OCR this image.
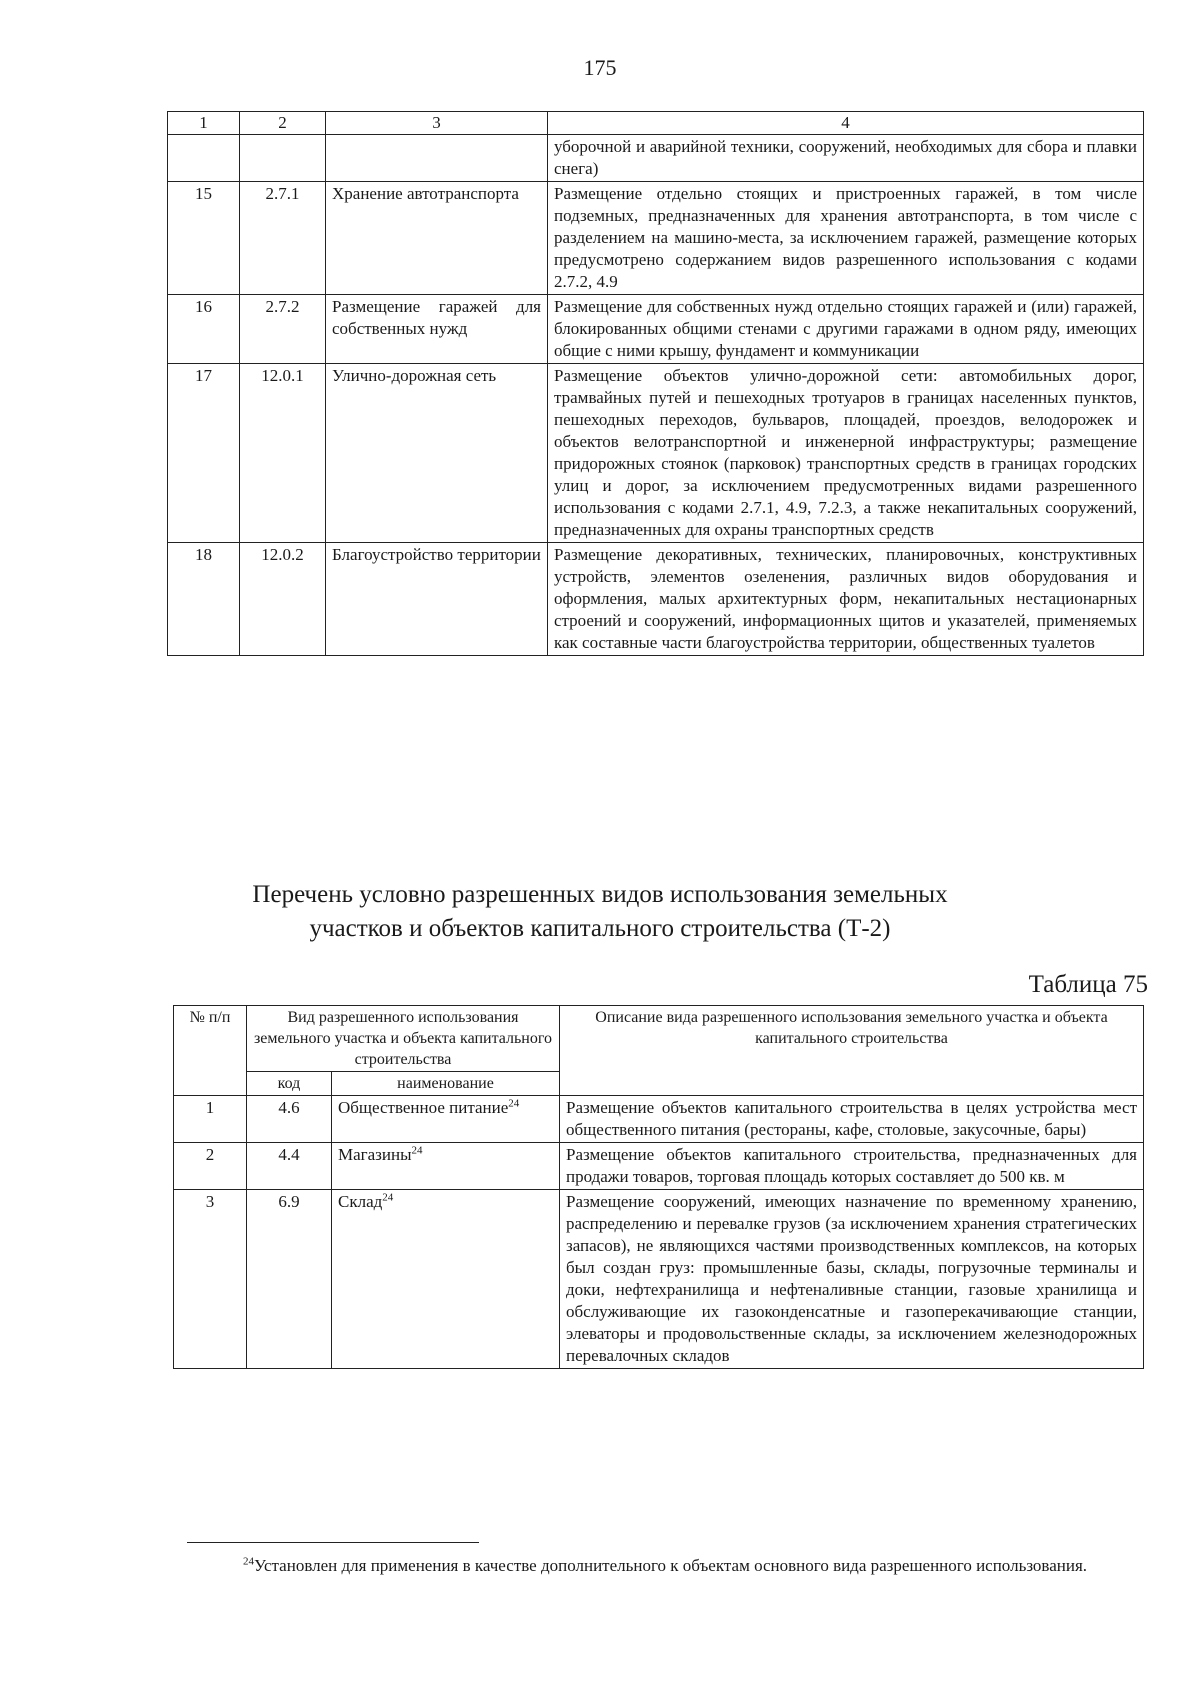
175
1	2	3	4
			уборочной и аварийной техники, сооружений, необходимых для сбора и плавки снега)
15	2.7.1	Хранение автотранспорта	Размещение отдельно стоящих и пристроенных гаражей, в том числе подземных, предназначенных для хранения автотранспорта, в том числе с разделением на машино-места, за исключением гаражей, размещение которых предусмотрено содержанием видов разрешенного использования с кодами 2.7.2, 4.9
16	2.7.2	Размещение гаражей для собственных нужд	Размещение для собственных нужд отдельно стоящих гаражей и (или) гаражей, блокированных общими стенами с другими гаражами в одном ряду, имеющих общие с ними крышу, фундамент и коммуникации
17	12.0.1	Улично-дорожная сеть	Размещение объектов улично-дорожной сети: автомобильных дорог, трамвайных путей и пешеходных тротуаров в границах населенных пунктов, пешеходных переходов, бульваров, площадей, проездов, велодорожек и объектов велотранспортной и инженерной инфраструктуры; размещение придорожных стоянок (парковок) транспортных средств в границах городских улиц и дорог, за исключением предусмотренных видами разрешенного использования с кодами 2.7.1, 4.9, 7.2.3, а также некапитальных сооружений, предназначенных для охраны транспортных средств
18	12.0.2	Благоустройство территории	Размещение декоративных, технических, планировочных, конструктивных устройств, элементов озеленения, различных видов оборудования и оформления, малых архитектурных форм, некапитальных нестационарных строений и сооружений, информационных щитов и указателей, применяемых как составные части благоустройства территории, общественных туалетов
Перечень условно разрешенных видов использования земельных
участков и объектов капитального строительства (Т-2)
Таблица 75
№ п/п	Вид разрешенного использования земельного участка и объекта капитального строительства		Описание вида разрешенного использования земельного участка и объекта капитального строительства
	код	наименование	
1	4.6	Общественное питание$^{24}$	Размещение объектов капитального строительства в целях устройства мест общественного питания (рестораны, кафе, столовые, закусочные, бары)
2	4.4	Магазины$^{24}$	Размещение объектов капитального строительства, предназначенных для продажи товаров, торговая площадь которых составляет до 500 кв. м
3	6.9	Склад$^{24}$	Размещение сооружений, имеющих назначение по временному хранению, распределению и перевалке грузов (за исключением хранения стратегических запасов), не являющихся частями производственных комплексов, на которых был создан груз: промышленные базы, склады, погрузочные терминалы и доки, нефтехранилища и нефтеналивные станции, газовые хранилища и обслуживающие их газоконденсатные и газоперекачивающие станции, элеваторы и продовольственные склады, за исключением железнодорожных перевалочных складов
$^{24}$Установлен для применения в качестве дополнительного к объектам основного вида разрешенного использования.
